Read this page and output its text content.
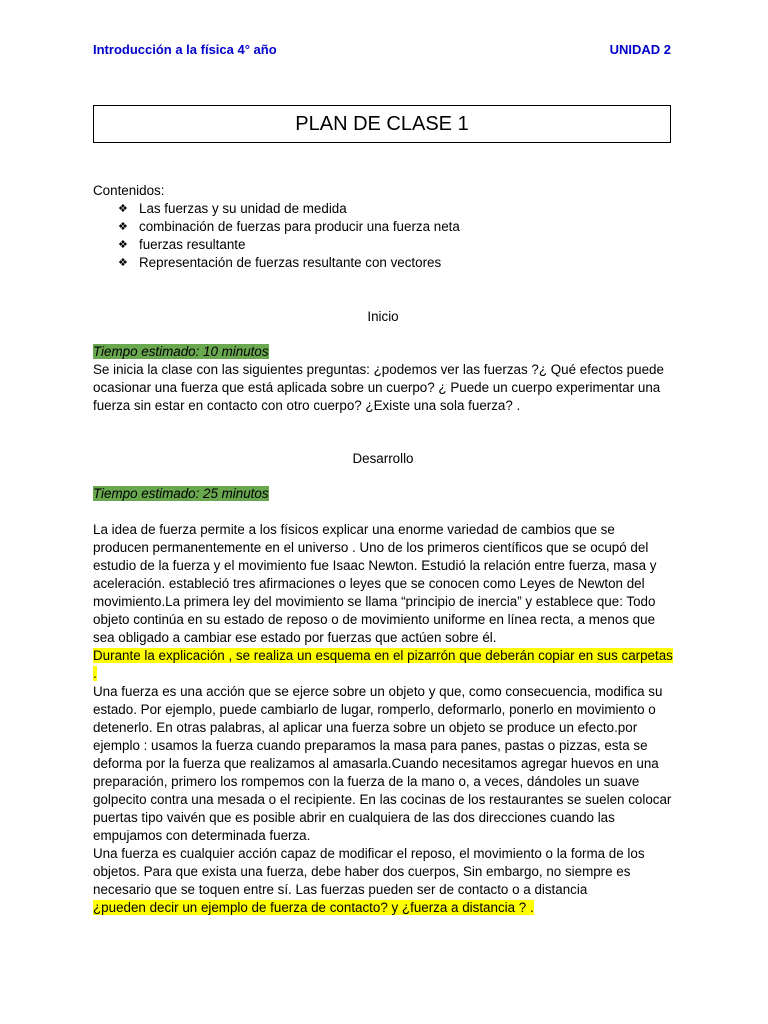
Introducción a la física 4° año	UNIDAD 2
PLAN DE CLASE 1

Contenidos:

❖ Las fuerzas y su unidad de medida
❖ combinación de fuerzas para producir una fuerza neta
❖ fuerzas resultante
❖ Representación de fuerzas resultante con vectores

Inicio

Tiempo estimado: 10 minutos

Se inicia la clase con las siguientes preguntas: ¿podemos ver las fuerzas ?¿ Qué efectos puede ocasionar una fuerza que está aplicada sobre un cuerpo? ¿ Puede un cuerpo experimentar una fuerza sin estar en contacto con otro cuerpo? ¿Existe una sola fuerza? .

Desarrollo

Tiempo estimado: 25 minutos

La idea de fuerza permite a los físicos explicar una enorme variedad de cambios que se producen permanentemente en el universo . Uno de los primeros científicos que se ocupó del estudio de la fuerza y el movimiento fue Isaac Newton. Estudió la relación entre fuerza, masa y aceleración. estableció tres afirmaciones o leyes que se conocen como Leyes de Newton del movimiento.La primera ley del movimiento se llama “principio de inercia” y establece que: Todo objeto continúa en su estado de reposo o de movimiento uniforme en línea recta, a menos que sea obligado a cambiar ese estado por fuerzas que actúen sobre él.

Durante la explicación , se realiza un esquema en el pizarrón que deberán copiar en sus carpetas .

Una fuerza es una acción que se ejerce sobre un objeto y que, como consecuencia, modifica su estado. Por ejemplo, puede cambiarlo de lugar, romperlo, deformarlo, ponerlo en movimiento o detenerlo. En otras palabras, al aplicar una fuerza sobre un objeto se produce un efecto.por ejemplo : usamos la fuerza cuando preparamos la masa para panes, pastas o pizzas, esta se deforma por la fuerza que realizamos al amasarla.Cuando necesitamos agregar huevos en una preparación, primero los rompemos con la fuerza de la mano o, a veces, dándoles un suave golpecito contra una mesada o el recipiente. En las cocinas de los restaurantes se suelen colocar puertas tipo vaivén que es posible abrir en cualquiera de las dos direcciones cuando las empujamos con determinada fuerza.

Una fuerza es cualquier acción capaz de modificar el reposo, el movimiento o la forma de los objetos. Para que exista una fuerza, debe haber dos cuerpos, Sin embargo, no siempre es necesario que se toquen entre sí. Las fuerzas pueden ser de contacto o a distancia

¿pueden decir un ejemplo de fuerza de contacto? y ¿fuerza a distancia ? .
